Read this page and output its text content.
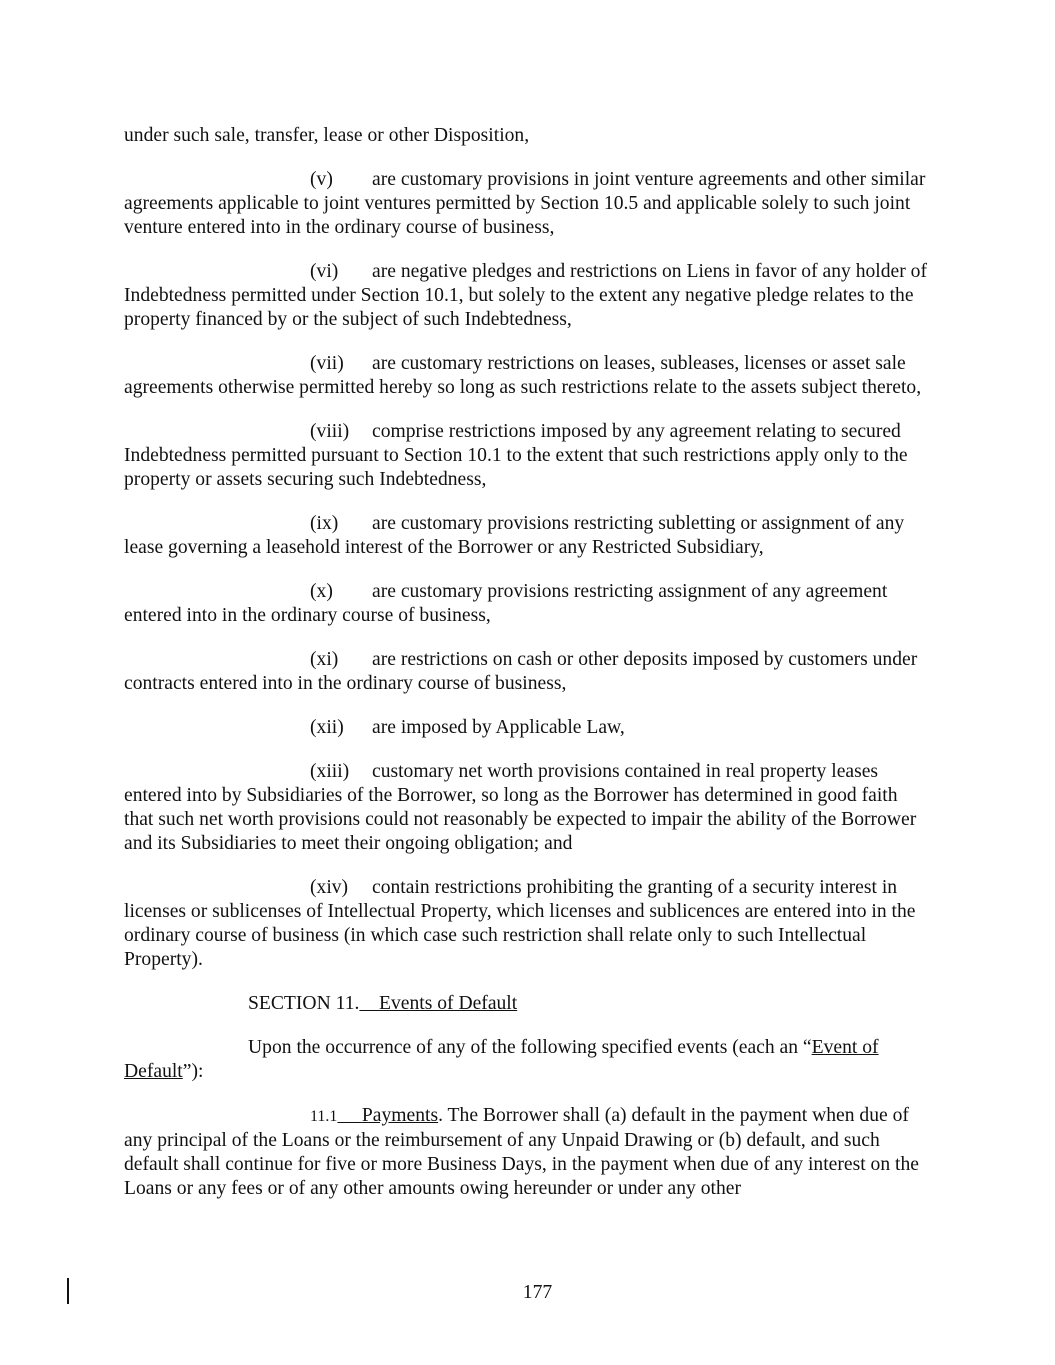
under such sale, transfer, lease or other Disposition,

(v) are customary provisions in joint venture agreements and other similar agreements applicable to joint ventures permitted by Section 10.5 and applicable solely to such joint venture entered into in the ordinary course of business,

(vi) are negative pledges and restrictions on Liens in favor of any holder of Indebtedness permitted under Section 10.1, but solely to the extent any negative pledge relates to the property financed by or the subject of such Indebtedness,

(vii) are customary restrictions on leases, subleases, licenses or asset sale agreements otherwise permitted hereby so long as such restrictions relate to the assets subject thereto,

(viii) comprise restrictions imposed by any agreement relating to secured Indebtedness permitted pursuant to Section 10.1 to the extent that such restrictions apply only to the property or assets securing such Indebtedness,

(ix) are customary provisions restricting subletting or assignment of any lease governing a leasehold interest of the Borrower or any Restricted Subsidiary,

(x) are customary provisions restricting assignment of any agreement entered into in the ordinary course of business,

(xi) are restrictions on cash or other deposits imposed by customers under contracts entered into in the ordinary course of business,

(xii) are imposed by Applicable Law,

(xiii) customary net worth provisions contained in real property leases entered into by Subsidiaries of the Borrower, so long as the Borrower has determined in good faith that such net worth provisions could not reasonably be expected to impair the ability of the Borrower and its Subsidiaries to meet their ongoing obligation; and

(xiv) contain restrictions prohibiting the granting of a security interest in licenses or sublicenses of Intellectual Property, which licenses and sublicences are entered into in the ordinary course of business (in which case such restriction shall relate only to such Intellectual Property).

SECTION 11. Events of Default

Upon the occurrence of any of the following specified events (each an “Event of Default”):

11.1 Payments. The Borrower shall (a) default in the payment when due of any principal of the Loans or the reimbursement of any Unpaid Drawing or (b) default, and such default shall continue for five or more Business Days, in the payment when due of any interest on the Loans or any fees or of any other amounts owing hereunder or under any other

177
